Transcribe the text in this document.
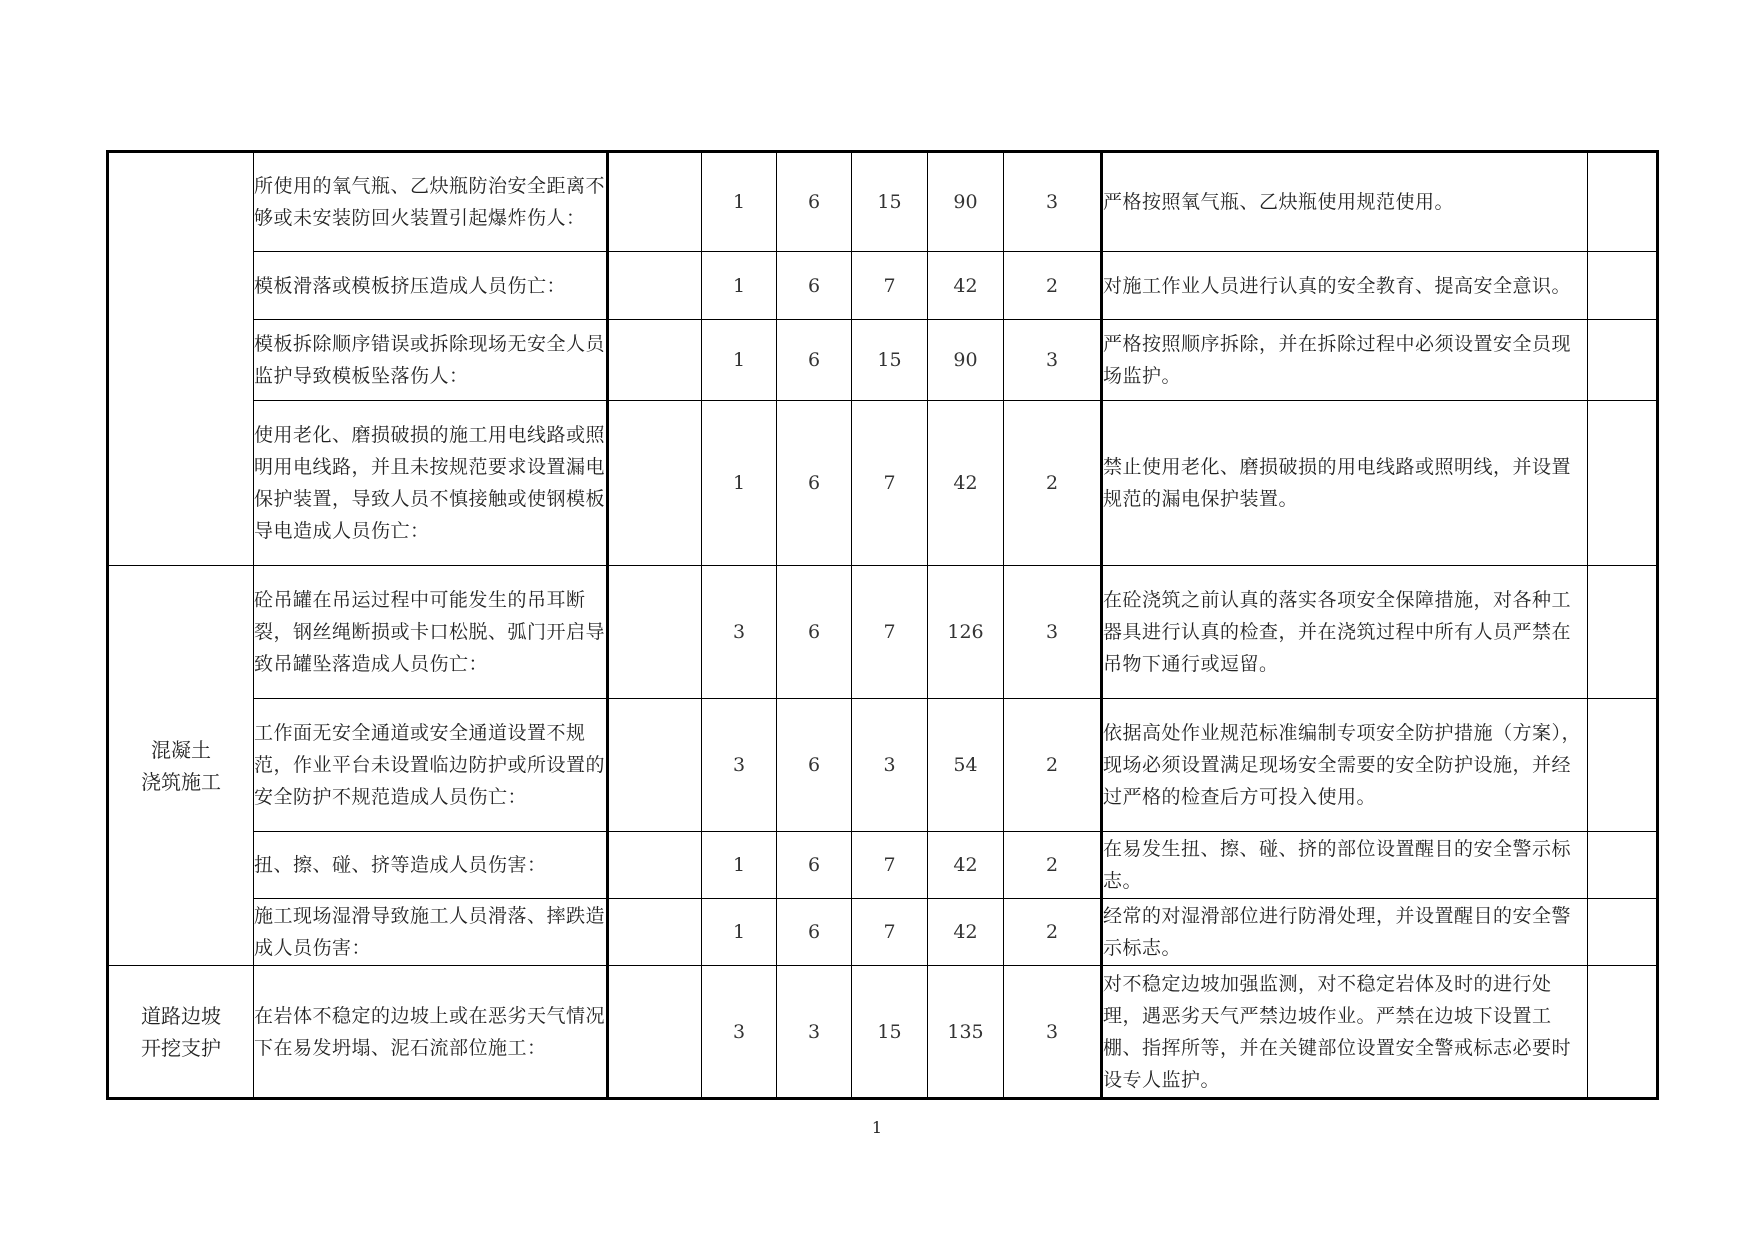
	所使用的氧气瓶、乙炔瓶防治安全距离不够或未安装防回火装置引起爆炸伤人：		1	6	15	90	3	严格按照氧气瓶、乙炔瓶使用规范使用。	
	模板滑落或模板挤压造成人员伤亡：		1	6	7	42	2	对施工作业人员进行认真的安全教育、提高安全意识。	
	模板拆除顺序错误或拆除现场无安全人员监护导致模板坠落伤人：		1	6	15	90	3	严格按照顺序拆除，并在拆除过程中必须设置安全员现场监护。	
	使用老化、磨损破损的施工用电线路或照明用电线路，并且未按规范要求设置漏电保护装置，导致人员不慎接触或使钢模板导电造成人员伤亡：		1	6	7	42	2	禁止使用老化、磨损破损的用电线路或照明线，并设置规范的漏电保护装置。	
混凝土
浇筑施工	砼吊罐在吊运过程中可能发生的吊耳断裂，钢丝绳断损或卡口松脱、弧门开启导致吊罐坠落造成人员伤亡：		3	6	7	126	3	在砼浇筑之前认真的落实各项安全保障措施，对各种工器具进行认真的检查，并在浇筑过程中所有人员严禁在吊物下通行或逗留。	
	工作面无安全通道或安全通道设置不规范，作业平台未设置临边防护或所设置的安全防护不规范造成人员伤亡：		3	6	3	54	2	依据高处作业规范标准编制专项安全防护措施（方案），现场必须设置满足现场安全需要的安全防护设施，并经过严格的检查后方可投入使用。	
	扭、擦、碰、挤等造成人员伤害：		1	6	7	42	2	在易发生扭、擦、碰、挤的部位设置醒目的安全警示标志。	
	施工现场湿滑导致施工人员滑落、摔跌造成人员伤害：		1	6	7	42	2	经常的对湿滑部位进行防滑处理，并设置醒目的安全警示标志。	
道路边坡
开挖支护	在岩体不稳定的边坡上或在恶劣天气情况下在易发坍塌、泥石流部位施工：		3	3	15	135	3	对不稳定边坡加强监测，对不稳定岩体及时的进行处理，遇恶劣天气严禁边坡作业。严禁在边坡下设置工棚、指挥所等，并在关键部位设置安全警戒标志必要时设专人监护。	
1
